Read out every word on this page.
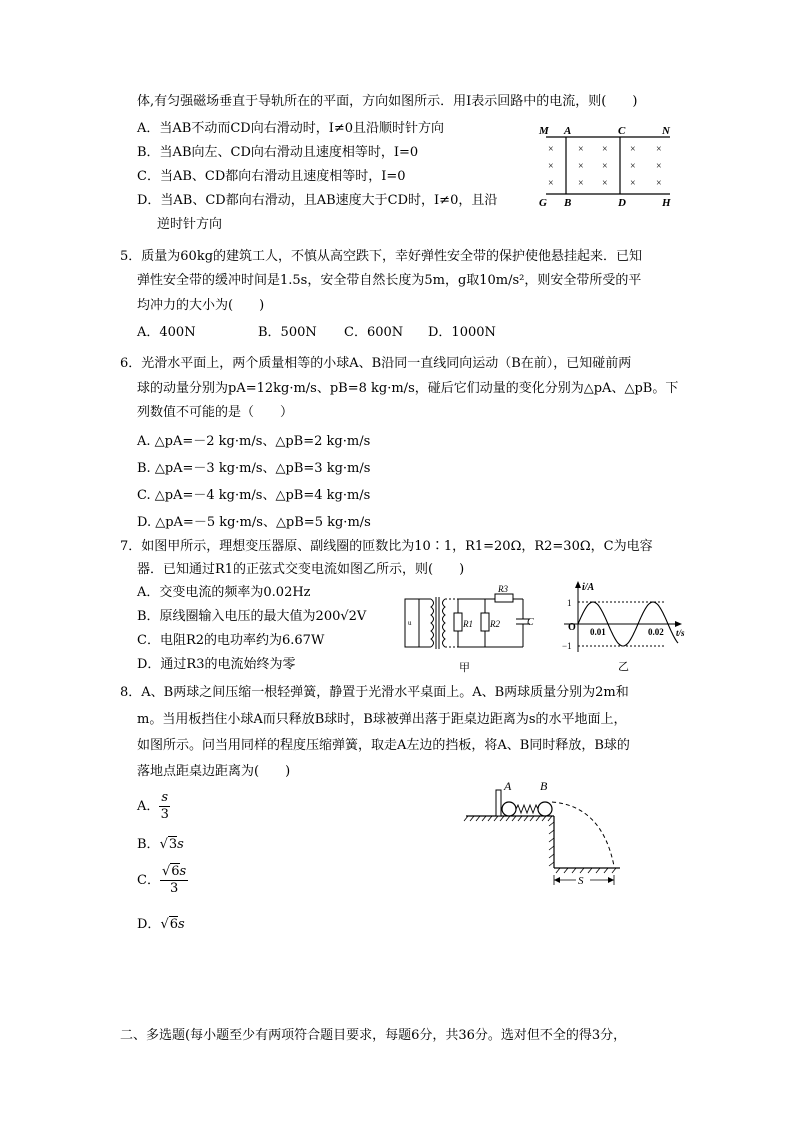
体,有匀强磁场垂直于导轨所在的平面，方向如图所示．用I表示回路中的电流，则(　　)
A．当AB不动而CD向右滑动时，I≠0且沿顺时针方向
B．当AB向左、CD向右滑动且速度相等时，I=0
C．当AB、CD都向右滑动且速度相等时，I=0
D．当AB、CD都向右滑动，且AB速度大于CD时，I≠0，且沿
逆时针方向
M A	C	N
G B	D	H
× × × × ×
× × × × ×
× × × × ×
5．质量为60kg的建筑工人，不慎从高空跌下，幸好弹性安全带的保护使他悬挂起来．已知
弹性安全带的缓冲时间是1.5s，安全带自然长度为5m，g取10m/s²，则安全带所受的平
均冲力的大小为(　　)
A．400N	B．500N C．600N D．1000N
6．光滑水平面上，两个质量相等的小球A、B沿同一直线同向运动（B在前），已知碰前两
球的动量分别为pA=12kg·m/s、pB=8 kg·m/s，碰后它们动量的变化分别为△pA、△pB。下
列数值不可能的是（　　）
A. △pA=－2 kg·m/s、△pB=2 kg·m/s
B. △pA=－3 kg·m/s、△pB=3 kg·m/s
C. △pA=－4 kg·m/s、△pB=4 kg·m/s
D. △pA=－5 kg·m/s、△pB=5 kg·m/s
7．如图甲所示，理想变压器原、副线圈的匝数比为10∶1，R1=20Ω，R2=30Ω，C为电容
器．已知通过R1的正弦式交变电流如图乙所示，则(　　)
A．交变电流的频率为0.02Hz
B．原线圈输入电压的最大值为200√2V
C．电阻R2的电功率约为6.67W
D．通过R3的电流始终为零
u	R1 R2
R3
C
甲
i/A
t/s
1
O 0.01	0.02
−1
乙
8．A、B两球之间压缩一根轻弹簧，静置于光滑水平桌面上。A、B两球质量分别为2m和
m。当用板挡住小球A而只释放B球时，B球被弹出落于距桌边距离为s的水平地面上，
如图所示。问当用同样的程度压缩弹簧，取走A左边的挡板，将A、B同时释放，B球的
落地点距桌边距离为(　　)
A． $\frac{s}{3}$
B．√3s
C． $\frac{√6s}{3}$
D．√6s
A B
S
二、多选题(每小题至少有两项符合题目要求，每题6分，共36分。选对但不全的得3分，
